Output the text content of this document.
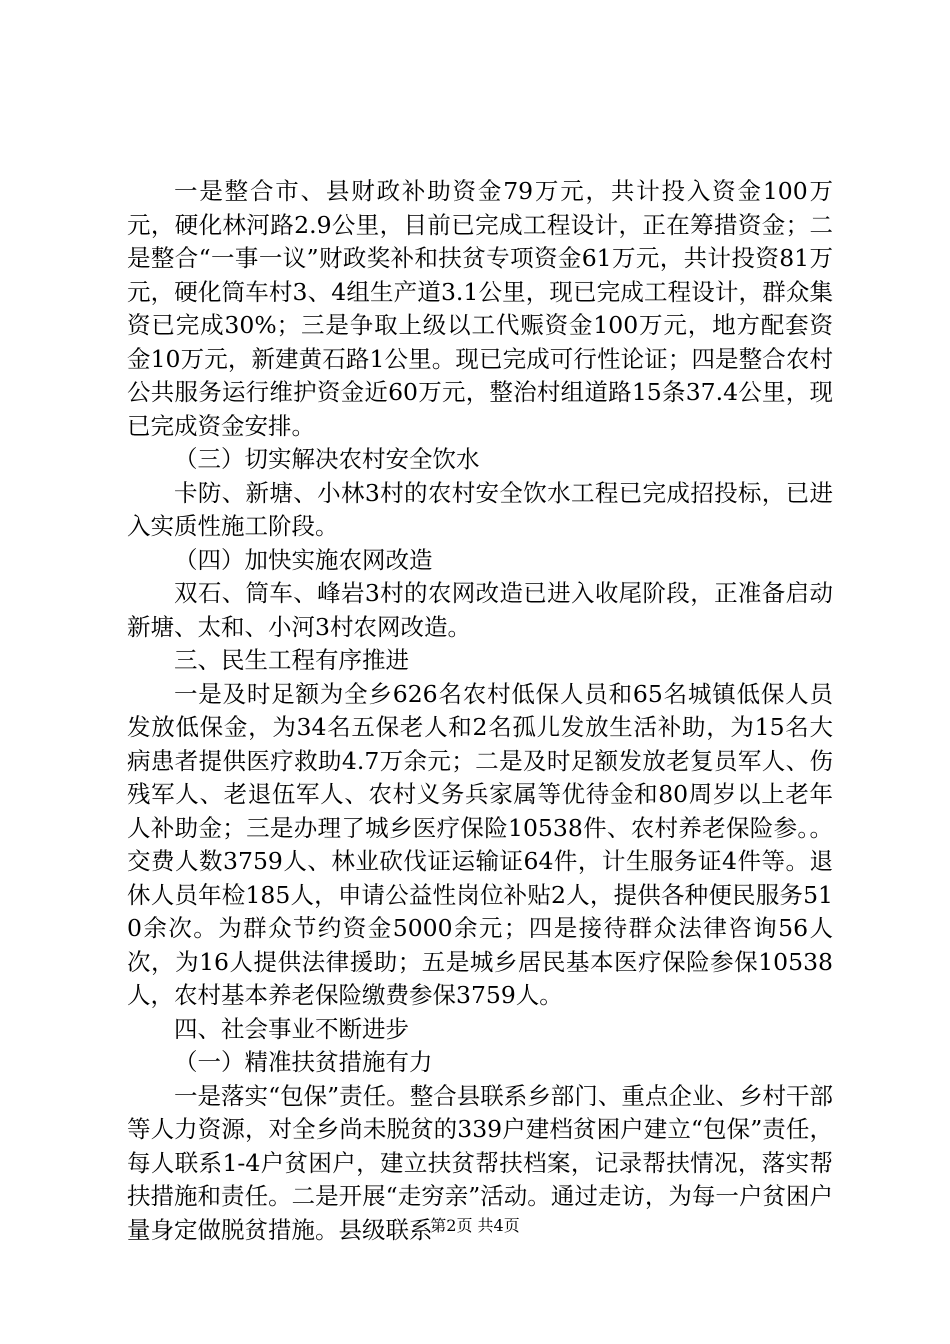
一是整合市、县财政补助资金79万元，共计投入资金100万元，硬化林河路2.9公里，目前已完成工程设计，正在筹措资金；二是整合“一事一议”财政奖补和扶贫专项资金61万元，共计投资81万元，硬化筒车村3、4组生产道3.1公里，现已完成工程设计，群众集资已完成30%；三是争取上级以工代赈资金100万元，地方配套资金10万元，新建黄石路1公里。现已完成可行性论证；四是整合农村公共服务运行维护资金近60万元，整治村组道路15条37.4公里，现已完成资金安排。

（三）切实解决农村安全饮水

卡防、新塘、小林3村的农村安全饮水工程已完成招投标，已进入实质性施工阶段。

（四）加快实施农网改造

双石、筒车、峰岩3村的农网改造已进入收尾阶段，正准备启动新塘、太和、小河3村农网改造。

三、民生工程有序推进

一是及时足额为全乡626名农村低保人员和65名城镇低保人员发放低保金，为34名五保老人和2名孤儿发放生活补助，为15名大病患者提供医疗救助4.7万余元；二是及时足额发放老复员军人、伤残军人、老退伍军人、农村义务兵家属等优待金和80周岁以上老年人补助金；三是办理了城乡医疗保险10538件、农村养老保险参。。交费人数3759人、林业砍伐证运输证64件，计生服务证4件等。退休人员年检185人，申请公益性岗位补贴2人，提供各种便民服务510余次。为群众节约资金5000余元；四是接待群众法律咨询56人次，为16人提供法律援助；五是城乡居民基本医疗保险参保10538人，农村基本养老保险缴费参保3759人。

四、社会事业不断进步

（一）精准扶贫措施有力

一是落实“包保”责任。整合县联系乡部门、重点企业、乡村干部等人力资源，对全乡尚未脱贫的339户建档贫困户建立“包保”责任，每人联系1-4户贫困户，建立扶贫帮扶档案，记录帮扶情况，落实帮扶措施和责任。二是开展“走穷亲”活动。通过走访，为每一户贫困户量身定做脱贫措施。县级联系

第2页 共4页
